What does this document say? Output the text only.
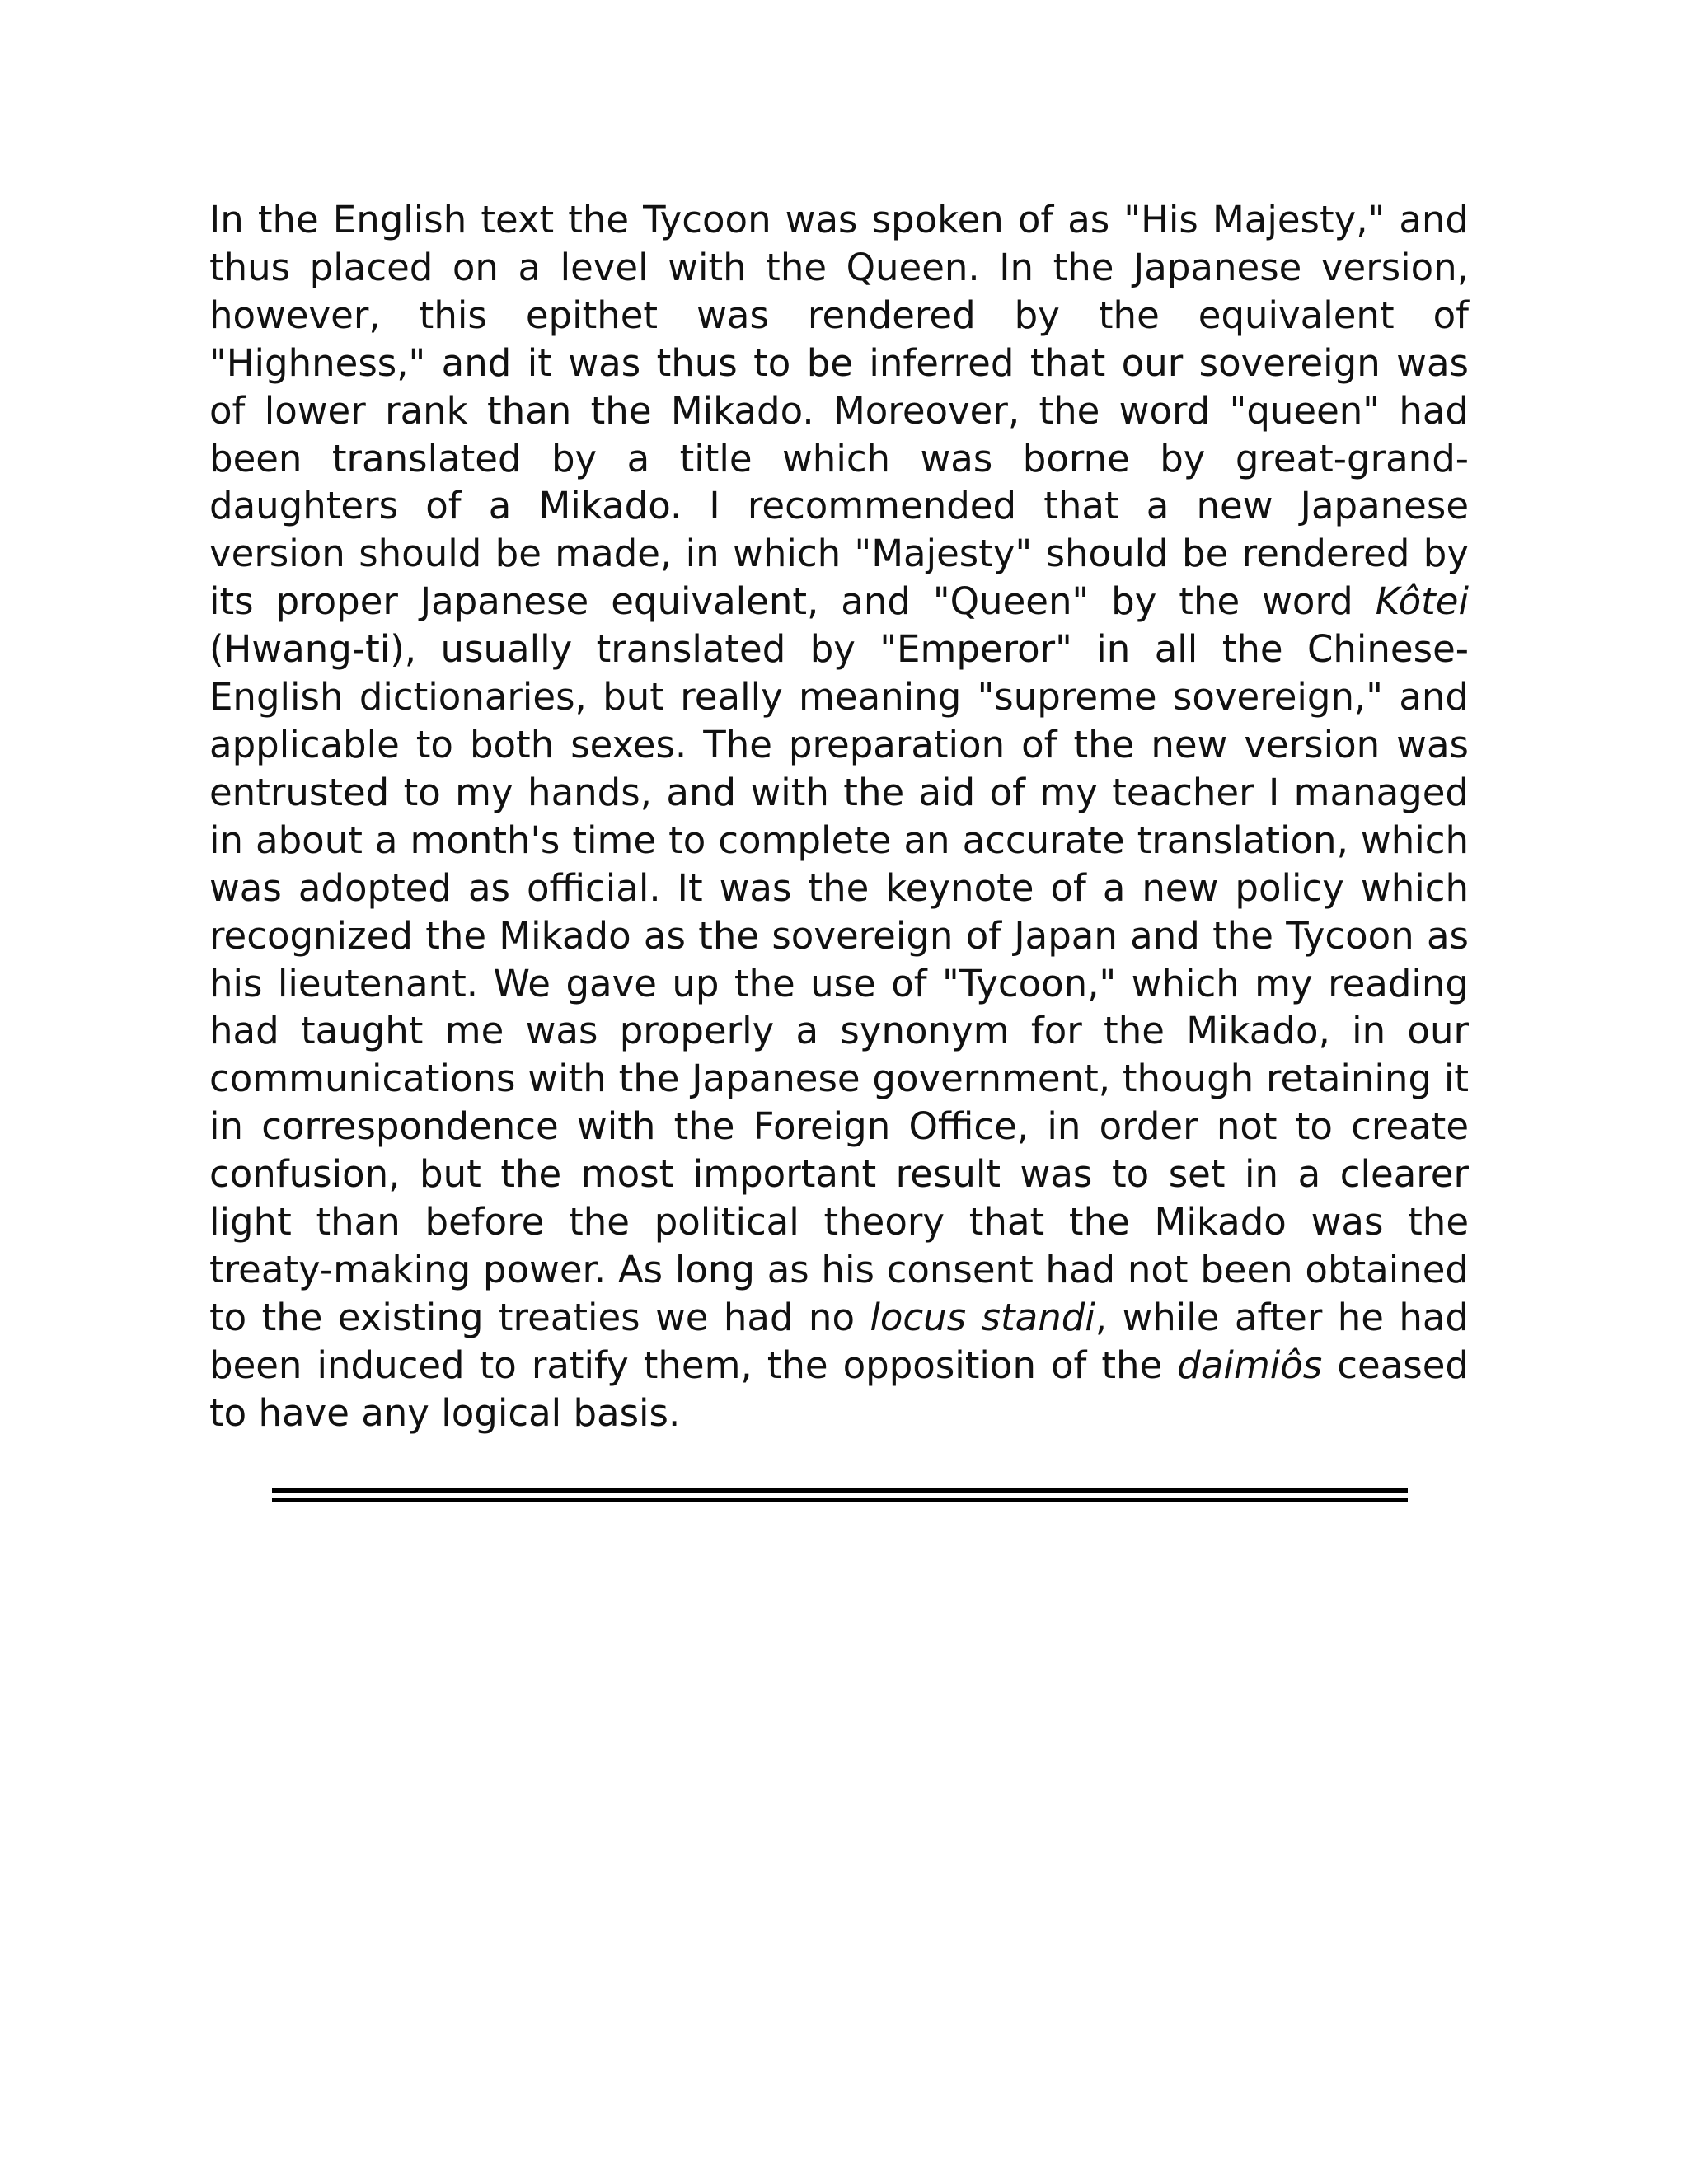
In the English text the Tycoon was spoken of as "His Majesty," and thus placed on a level with the Queen. In the Japanese version, however, this epithet was rendered by the equivalent of "Highness," and it was thus to be inferred that our sovereign was of lower rank than the Mikado. Moreover, the word "queen" had been translated by a title which was borne by great-grand-daughters of a Mikado. I recommended that a new Japanese version should be made, in which "Majesty" should be rendered by its proper Japanese equivalent, and "Queen" by the word Kôtei (Hwang-ti), usually translated by "Emperor" in all the Chinese-English dictionaries, but really meaning "supreme sovereign," and applicable to both sexes. The preparation of the new version was entrusted to my hands, and with the aid of my teacher I managed in about a month's time to complete an accurate translation, which was adopted as official. It was the keynote of a new policy which recognized the Mikado as the sovereign of Japan and the Tycoon as his lieutenant. We gave up the use of "Tycoon," which my reading had taught me was properly a synonym for the Mikado, in our communications with the Japanese government, though retaining it in correspondence with the Foreign Office, in order not to create confusion, but the most important result was to set in a clearer light than before the political theory that the Mikado was the treaty-making power. As long as his consent had not been obtained to the existing treaties we had no locus standi, while after he had been induced to ratify them, the opposition of the daimiôs ceased to have any logical basis.
